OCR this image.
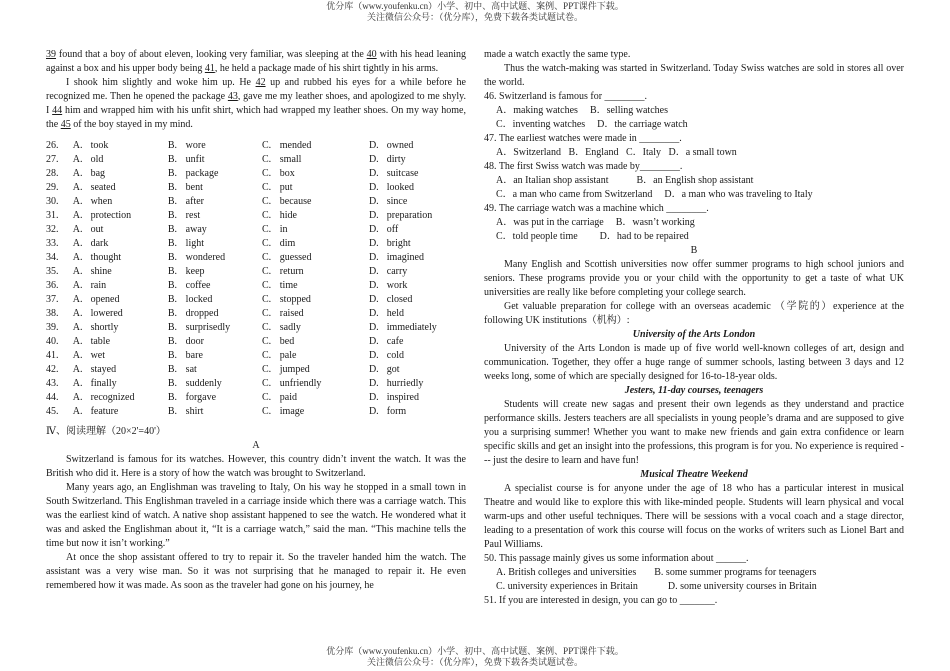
优分库（www.youfenku.cn）小学、初中、高中试题、案例、PPT课件下载。
关注微信公众号：（优分库），免费下载各类试题试卷。

39 found that a boy of about eleven, looking very familiar, was sleeping at the 40 with his head leaning against a box and his upper body being 41, he held a package made of his shirt tightly in his arms.

I shook him slightly and woke him up. He 42 up and rubbed his eyes for a while before he recognized me. Then he opened the package 43, gave me my leather shoes, and apologized to me shyly. I 44 him and wrapped him with his unfit shirt, which had wrapped my leather shoes. On my way home, the 45 of the boy stayed in my mind.

26.	A. took	B. wore	C. mended	D. owned
27.	A. old	B. unfit	C. small	D. dirty
28.	A. bag	B. package	C. box	D. suitcase
29.	A. seated	B. bent	C. put	D. looked
30.	A. when	B. after	C. because	D. since
31.	A. protection	B. rest	C. hide	D. preparation
32.	A. out	B. away	C. in	D. off
33.	A. dark	B. light	C. dim	D. bright
34.	A. thought	B. wondered	C. guessed	D. imagined
35.	A. shine	B. keep	C. return	D. carry
36.	A. rain	B. coffee	C. time	D. work
37.	A. opened	B. locked	C. stopped	D. closed
38.	A. lowered	B. dropped	C. raised	D. held
39.	A. shortly	B. surprisedly	C. sadly	D. immediately
40.	A. table	B. door	C. bed	D. cafe
41.	A. wet	B. bare	C. pale	D. cold
42.	A. stayed	B. sat	C. jumped	D. got
43.	A. finally	B. suddenly	C. unfriendly	D. hurriedly
44.	A. recognized	B. forgave	C. paid	D. inspired
45.	A. feature	B. shirt	C. image	D. form
Ⅳ、阅读理解（20×2'=40'）
A

Switzerland is famous for its watches. However, this country didn’t invent the watch. It was the British who did it. Here is a story of how the watch was brought to Switzerland.

Many years ago, an Englishman was traveling to Italy, On his way he stopped in a small town in South Switzerland. This Englishman traveled in a carriage inside which there was a carriage watch. This was the earliest kind of watch. A native shop assistant happened to see the watch. He wondered what it was and asked the Englishman about it, “It is a carriage watch,” said the man. “This machine tells the time but now it isn’t working.”

At once the shop assistant offered to try to repair it. So the traveler handed him the watch. The assistant was a very wise man. So it was not surprising that he managed to repair it. He even remembered how it was made. As soon as the traveler had gone on his journey, he

made a watch exactly the same type.

Thus the watch-making was started in Switzerland. Today Swiss watches are sold in stores all over the world.

46. Switzerland is famous for ________.
A．making watches B．selling watches
C．inventing watches D．the carriage watch
47. The earliest watches were made in ________.
A．Switzerland   B．England   C．Italy   D．a small town
48. The first Swiss watch was made by________.
A．an Italian shop assistant	B．an English shop assistant
C．a man who came from Switzerland D．a man who was traveling to Italy
49. The carriage watch was a machine which ________.
A．was put in the carriage B．wasn’t working
C．told people time D．had to be repaired
B

Many English and Scottish universities now offer summer programs to high school juniors and seniors. These programs provide you or your child with the opportunity to get a taste of what UK universities are really like before completing your college search.

Get valuable preparation for college with an overseas academic （学院的）experience at the following UK institutions（机构）:

University of the Arts London

University of the Arts London is made up of five world well-known colleges of art, design and communication. Together, they offer a huge range of summer schools, lasting between 3 days and 12 weeks long, some of which are specially designed for 16-to-18-year olds.

Jesters, 11-day courses, teenagers

Students will create new sagas and present their own legends as they understand and practice performance skills. Jesters teachers are all specialists in young people’s drama and are supposed to give you a surprising summer! Whether you want to make new friends and gain extra confidence or learn specific skills and get an insight into the professions, this program is for you. No experience is required --- just the desire to learn and have fun!

Musical Theatre Weekend

A specialist course is for anyone under the age of 18 who has a particular interest in musical Theatre and would like to explore this with like-minded people. Students will learn physical and vocal warm-ups and other useful techniques. There will be sessions with a vocal coach and a stage director, leading to a presentation of work this course will focus on the works of writers such as Lionel Bart and Paul Williams.

50. This passage mainly gives us some information about ______.
A. British colleges and universities B. some summer programs for teenagers
C. university experiences in Britain	D. some university courses in Britain
51. If you are interested in design, you can go to _______.
优分库（www.youfenku.cn）小学、初中、高中试题、案例、PPT课件下载。
关注微信公众号：（优分库），免费下载各类试题试卷。
